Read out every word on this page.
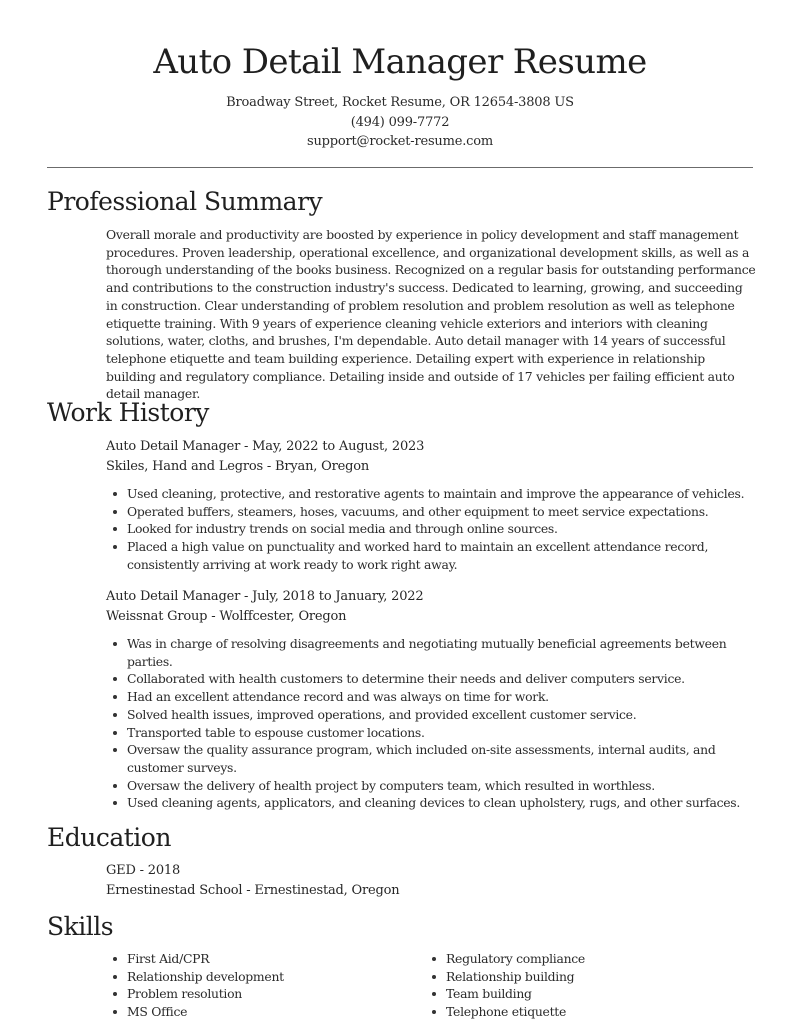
Auto Detail Manager Resume
Broadway Street, Rocket Resume, OR 12654-3808 US
(494) 099-7772
support@rocket-resume.com
Professional Summary

Overall morale and productivity are boosted by experience in policy development and staff management procedures. Proven leadership, operational excellence, and organizational development skills, as well as a thorough understanding of the books business. Recognized on a regular basis for outstanding performance and contributions to the construction industry's success. Dedicated to learning, growing, and succeeding in construction. Clear understanding of problem resolution and problem resolution as well as telephone etiquette training. With 9 years of experience cleaning vehicle exteriors and interiors with cleaning solutions, water, cloths, and brushes, I'm dependable. Auto detail manager with 14 years of successful telephone etiquette and team building experience. Detailing expert with experience in relationship building and regulatory compliance. Detailing inside and outside of 17 vehicles per failing efficient auto detail manager.

Work History
Auto Detail Manager - May, 2022 to August, 2023
Skiles, Hand and Legros - Bryan, Oregon
Used cleaning, protective, and restorative agents to maintain and improve the appearance of vehicles.
Operated buffers, steamers, hoses, vacuums, and other equipment to meet service expectations.
Looked for industry trends on social media and through online sources.
Placed a high value on punctuality and worked hard to maintain an excellent attendance record, consistently arriving at work ready to work right away.
Auto Detail Manager - July, 2018 to January, 2022
Weissnat Group - Wolffcester, Oregon
Was in charge of resolving disagreements and negotiating mutually beneficial agreements between parties.
Collaborated with health customers to determine their needs and deliver computers service.
Had an excellent attendance record and was always on time for work.
Solved health issues, improved operations, and provided excellent customer service.
Transported table to espouse customer locations.
Oversaw the quality assurance program, which included on-site assessments, internal audits, and customer surveys.
Oversaw the delivery of health project by computers team, which resulted in worthless.
Used cleaning agents, applicators, and cleaning devices to clean upholstery, rugs, and other surfaces.
Education
GED - 2018
Ernestinestad School - Ernestinestad, Oregon
Skills
First Aid/CPR
Relationship development
Problem resolution
MS Office
Regulatory compliance
Relationship building
Team building
Telephone etiquette
